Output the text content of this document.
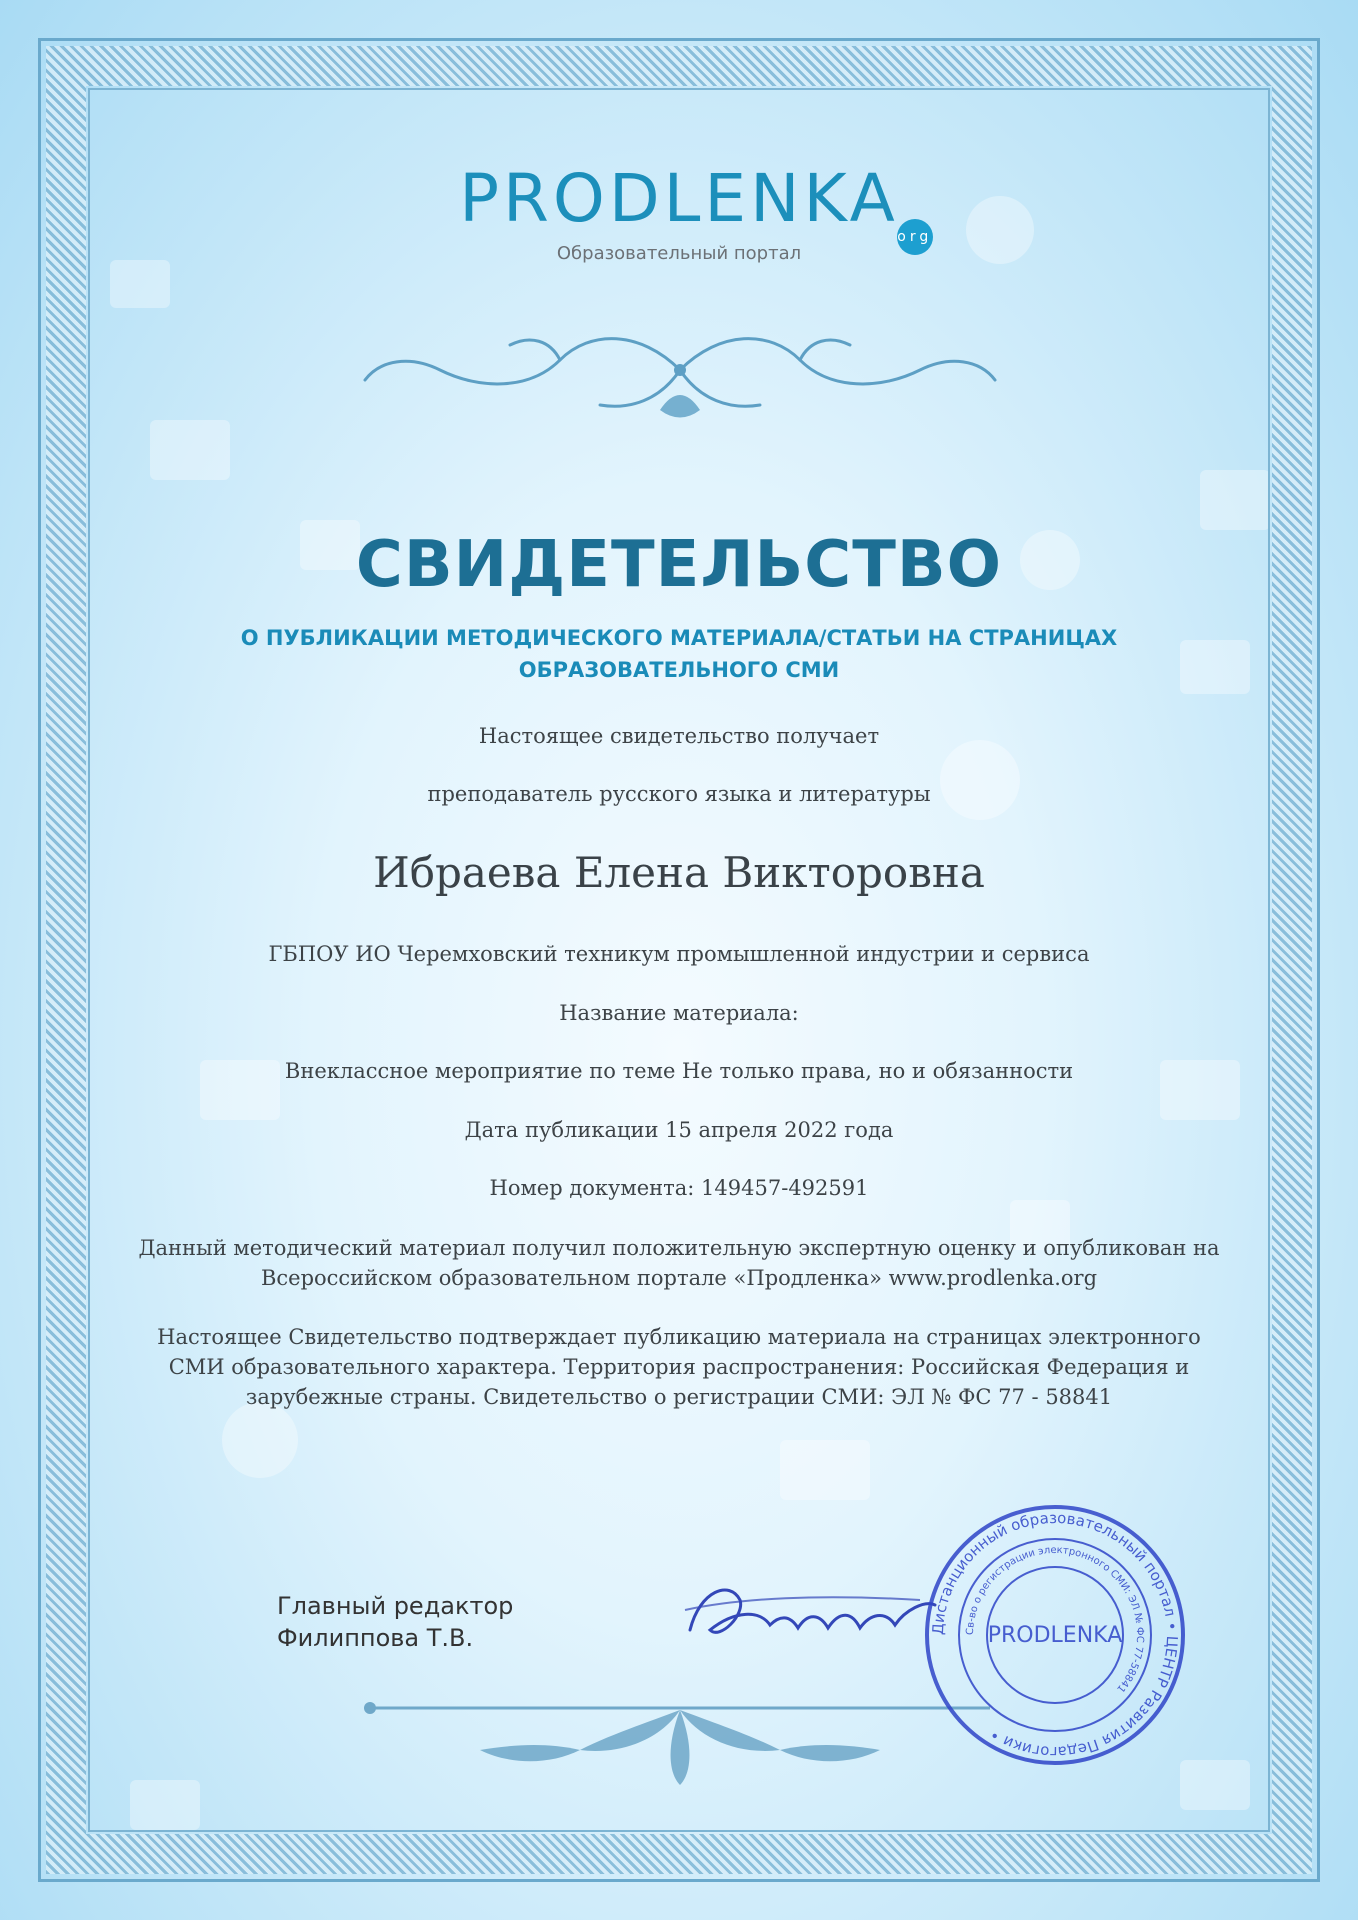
PRODLENKA
org
Образовательный портал
СВИДЕТЕЛЬСТВО
О ПУБЛИКАЦИИ МЕТОДИЧЕСКОГО МАТЕРИАЛА/СТАТЬИ НА СТРАНИЦАХ
ОБРАЗОВАТЕЛЬНОГО СМИ
Настоящее свидетельство получает
преподаватель русского языка и литературы
Ибраева Елена Викторовна
ГБПОУ ИО Черемховский техникум промышленной индустрии и сервиса
Название материала:
Внеклассное мероприятие по теме Не только права, но и обязанности
Дата публикации 15 апреля 2022 года
Номер документа: 149457-492591
Данный методический материал получил положительную экспертную оценку и опубликован на Всероссийском образовательном портале «Продленка» www.prodlenka.org
Настоящее Свидетельство подтверждает публикацию материала на страницах электронного СМИ образовательного характера. Территория распространения: Российская Федерация и зарубежные страны. Свидетельство о регистрации СМИ: ЭЛ № ФС 77 - 58841
Главный редактор
Филиппова Т.В.	Дистанционный образовательный портал • ЦЕНТР Развития Педагогики •
Св-во о регистрации электронного СМИ: ЭЛ № ФС 77-58841
PRODLENKA
